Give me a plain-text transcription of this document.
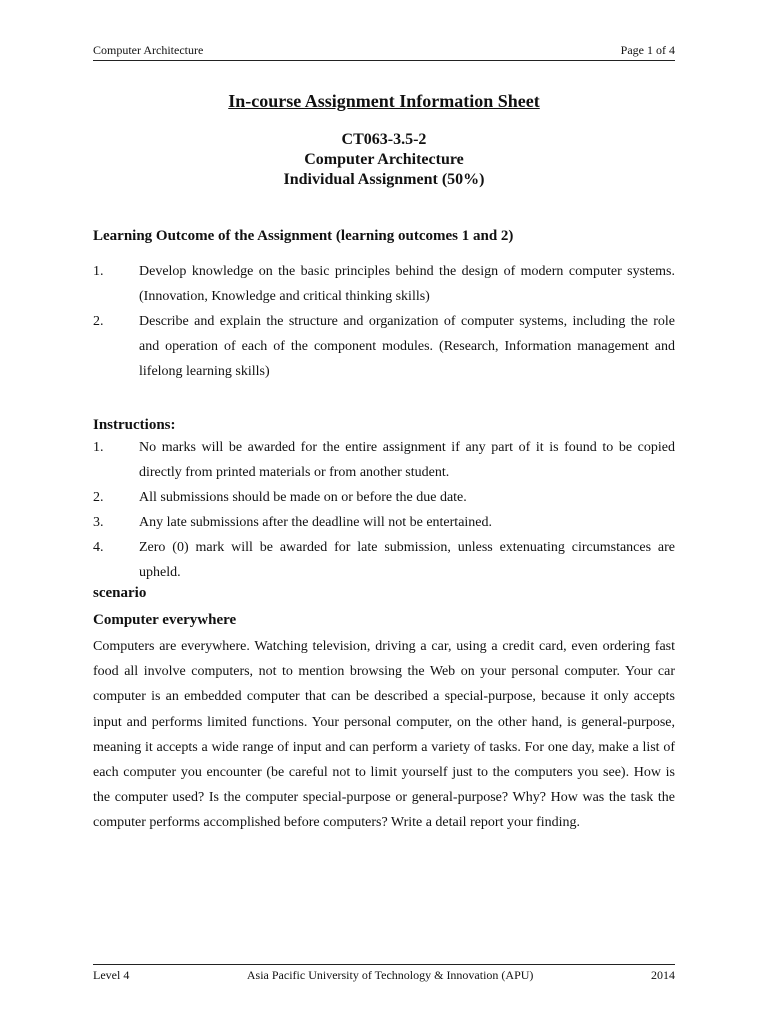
Computer Architecture	Page 1 of 4
In-course Assignment Information Sheet
CT063-3.5-2
Computer Architecture
Individual Assignment (50%)
Learning Outcome of the Assignment (learning outcomes 1 and 2)
1.	Develop knowledge on the basic principles behind the design of modern computer systems. (Innovation, Knowledge and critical thinking skills)
2.	Describe and explain the structure and organization of computer systems, including the role and operation of each of the component modules. (Research, Information management and lifelong learning skills)
Instructions:
1.	No marks will be awarded for the entire assignment if any part of it is found to be copied directly from printed materials or from another student.
2.	All submissions should be made on or before the due date.
3.	Any late submissions after the deadline will not be entertained.
4.	Zero (0) mark will be awarded for late submission, unless extenuating circumstances are upheld.
scenario
Computer everywhere

Computers are everywhere. Watching television, driving a car, using a credit card, even ordering fast food all involve computers, not to mention browsing the Web on your personal computer. Your car computer is an embedded computer that can be described a special-purpose, because it only accepts input and performs limited functions. Your personal computer, on the other hand, is general-purpose, meaning it accepts a wide range of input and can perform a variety of tasks. For one day, make a list of each computer you encounter (be careful not to limit yourself just to the computers you see). How is the computer used? Is the computer special-purpose or general-purpose? Why? How was the task the computer performs accomplished before computers? Write a detail report your finding.

Level 4	Asia Pacific University of Technology & Innovation (APU)	2014
